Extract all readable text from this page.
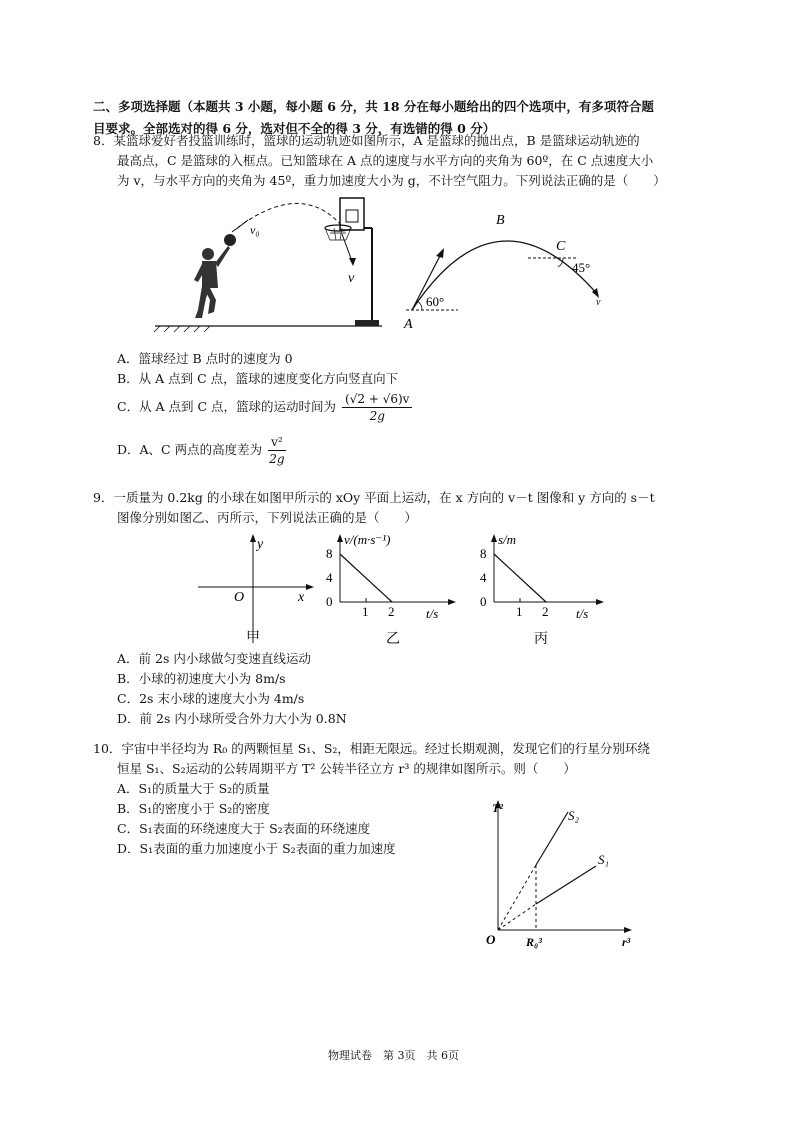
二、多项选择题（本题共 3 小题，每小题 6 分，共 18 分在每小题给出的四个选项中，有多项符合题
目要求。全部选对的得 6 分，选对但不全的得 3 分，有选错的得 0 分）
8．某篮球爱好者投篮训练时，篮球的运动轨迹如图所示，A 是篮球的抛出点，B 是篮球运动轨迹的
最高点，C 是篮球的入框点。已知篮球在 A 点的速度与水平方向的夹角为 60º，在 C 点速度大小
为 v，与水平方向的夹角为 45º，重力加速度大小为 g，不计空气阻力。下列说法正确的是（　　）
v₀
v
A
B
C
60°
45°
v
A．篮球经过 B 点时的速度为 0
B．从 A 点到 C 点，篮球的速度变化方向竖直向下
C．从 A 点到 C 点，篮球的运动时间为 $\frac{(√2 + √6)v}{2g}$
D．A、C 两点的高度差为 $\frac{\text{v²}}{2g}$
9．一质量为 0.2kg 的小球在如图甲所示的 xOy 平面上运动，在 x 方向的 v－t 图像和 y 方向的 s－t
图像分别如图乙、丙所示，下列说法正确的是（　　）
y
x
O
甲
v/(m·s⁻¹)
8
4
0
1 2 t/s
乙
s/m
8
4
0
1 2 t/s
丙
A．前 2s 内小球做匀变速直线运动
B．小球的初速度大小为 8m/s
C．2s 末小球的速度大小为 4m/s
D．前 2s 内小球所受合外力大小为 0.8N
10．宇宙中半径均为 R₀ 的两颗恒星 S₁、S₂，相距无限远。经过长期观测，发现它们的行星分别环绕
恒星 S₁、S₂运动的公转周期平方 T² 公转半径立方 r³ 的规律如图所示。则（　　）
A．S₁的质量大于 S₂的质量
B．S₁的密度小于 S₂的密度
C．S₁表面的环绕速度大于 S₂表面的环绕速度
D．S₁表面的重力加速度小于 S₂表面的重力加速度
T²	S₂
S₁
O	R₀³	r³
物理试卷　第 3页　共 6页
